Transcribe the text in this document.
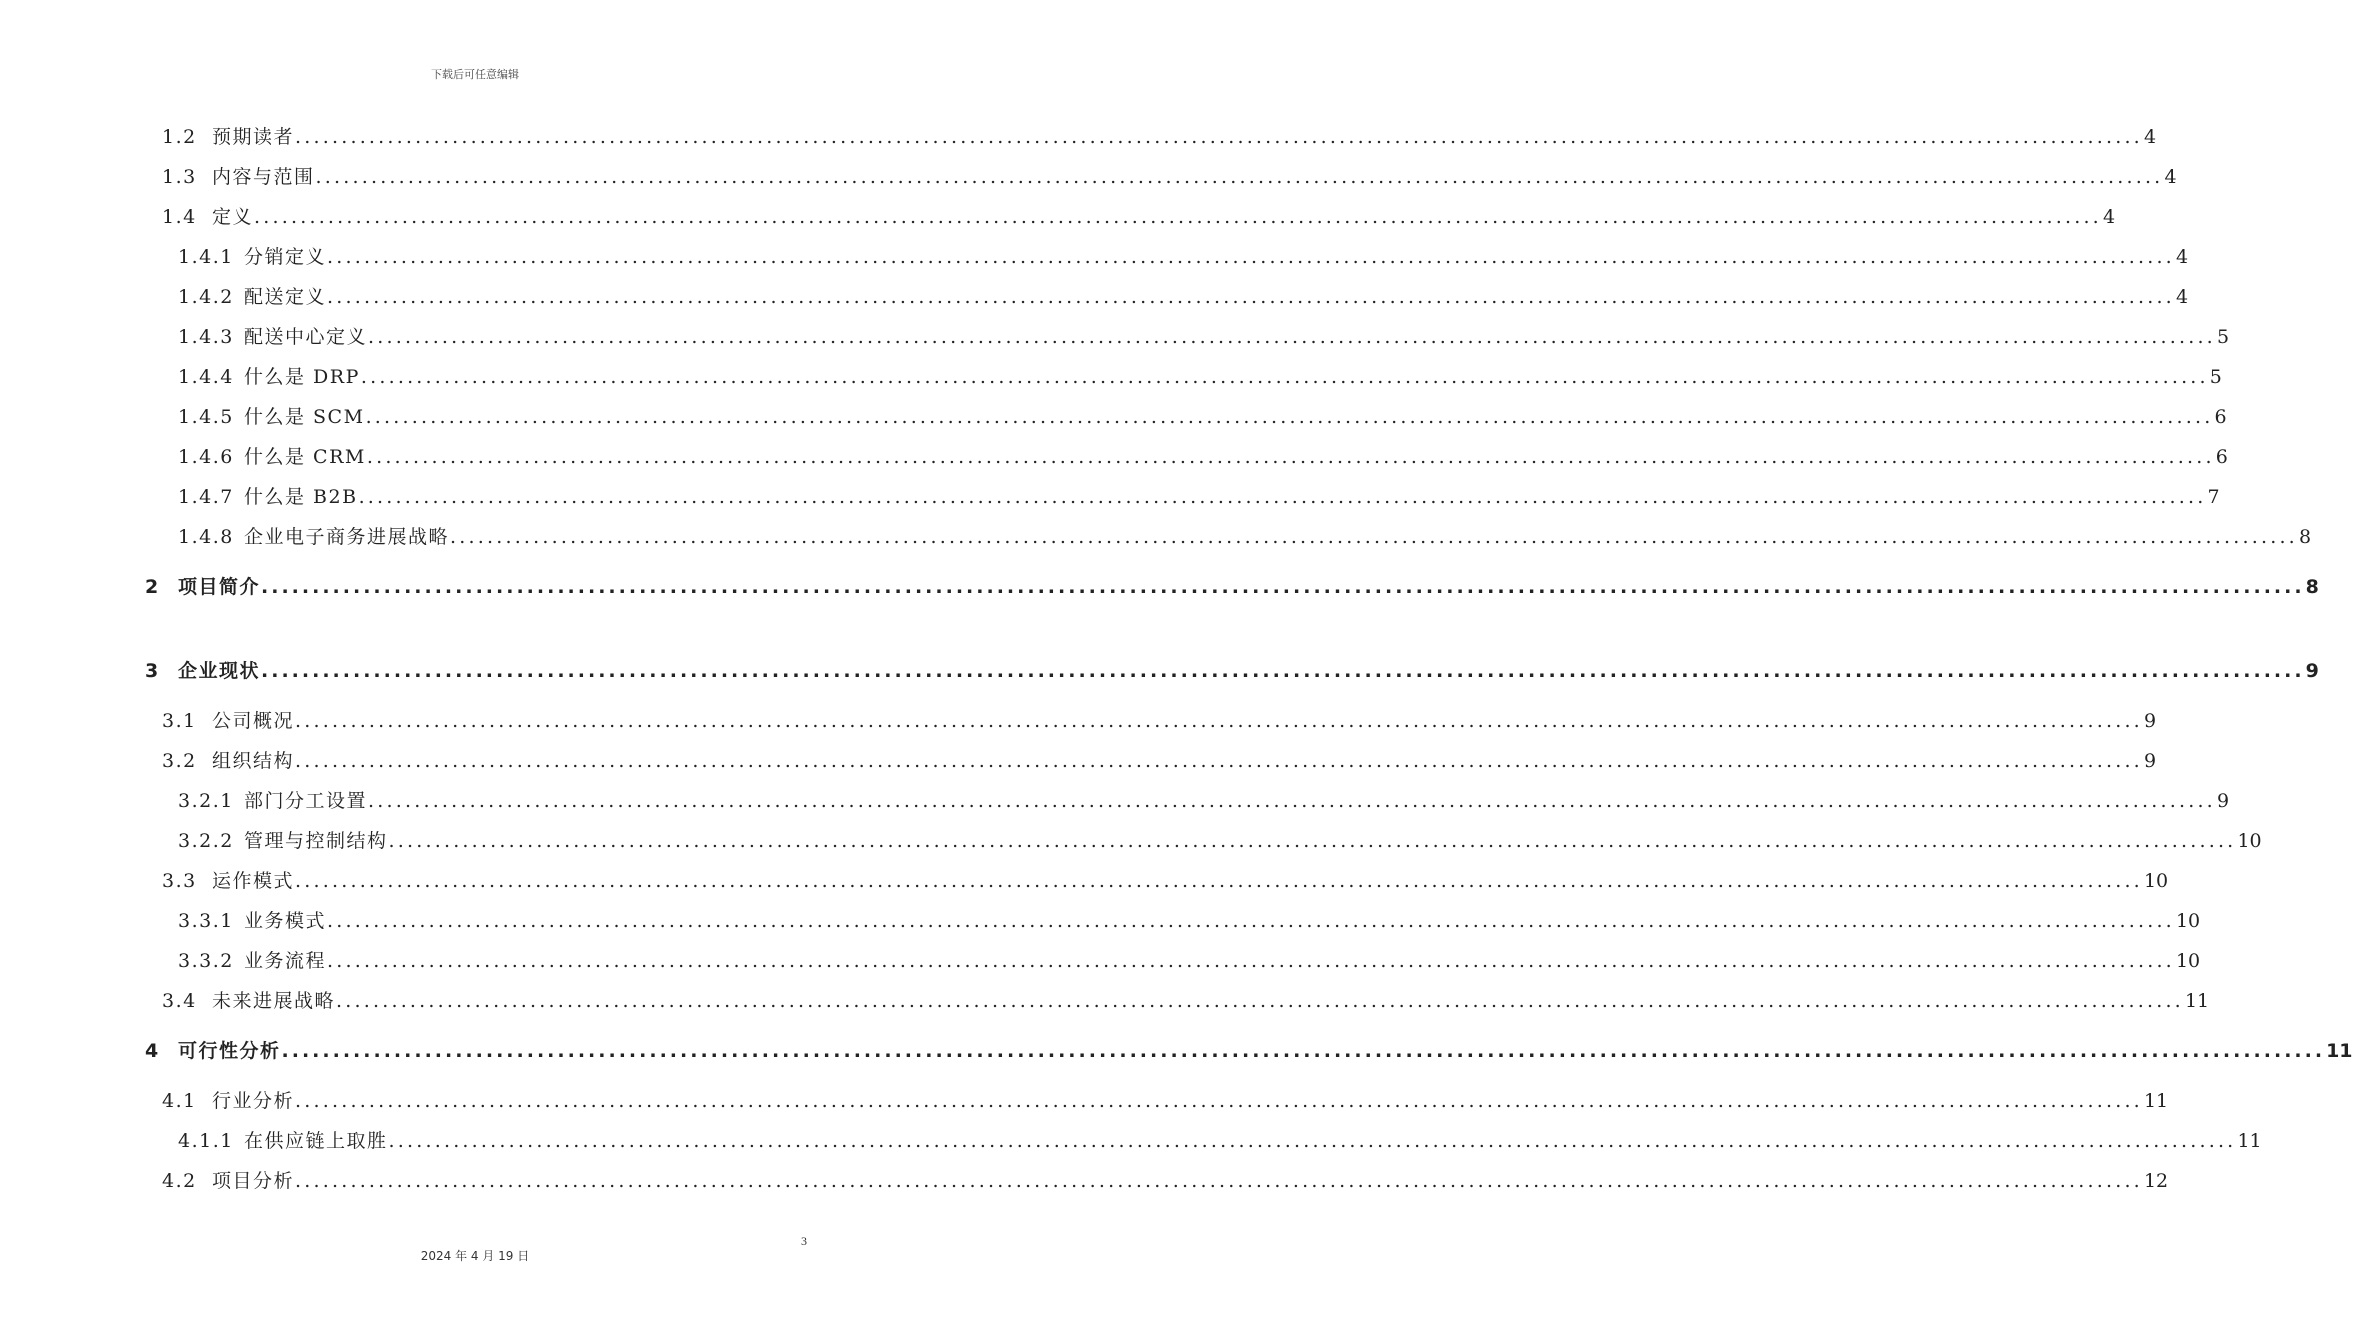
下载后可任意编辑
1.2 预期读者 ........................................................................................................................................................................................................ 4
1.3 内容与范围 ........................................................................................................................................................................................................ 4
1.4 定义 ........................................................................................................................................................................................................ 4
1.4.1 分销定义 ........................................................................................................................................................................................................ 4
1.4.2 配送定义 ........................................................................................................................................................................................................ 4
1.4.3 配送中心定义 ........................................................................................................................................................................................................ 5
1.4.4 什么是 DRP ........................................................................................................................................................................................................ 5
1.4.5 什么是 SCM ........................................................................................................................................................................................................ 6
1.4.6 什么是 CRM ........................................................................................................................................................................................................ 6
1.4.7 什么是 B2B ........................................................................................................................................................................................................ 7
1.4.8 企业电子商务进展战略 ........................................................................................................................................................................................................ 8
2 项目简介 ........................................................................................................................................................................................................ 8
3 企业现状 ........................................................................................................................................................................................................ 9
3.1 公司概况 ........................................................................................................................................................................................................ 9
3.2 组织结构 ........................................................................................................................................................................................................ 9
3.2.1 部门分工设置 ........................................................................................................................................................................................................ 9
3.2.2 管理与控制结构 ........................................................................................................................................................................................................ 10
3.3 运作模式 ........................................................................................................................................................................................................ 10
3.3.1 业务模式 ........................................................................................................................................................................................................ 10
3.3.2 业务流程 ........................................................................................................................................................................................................ 10
3.4 未来进展战略 ........................................................................................................................................................................................................ 11
4 可行性分析 ........................................................................................................................................................................................................ 11
4.1 行业分析 ........................................................................................................................................................................................................ 11
4.1.1 在供应链上取胜 ........................................................................................................................................................................................................ 11
4.2 项目分析 ........................................................................................................................................................................................................ 12
3
2024 年 4 月 19 日
